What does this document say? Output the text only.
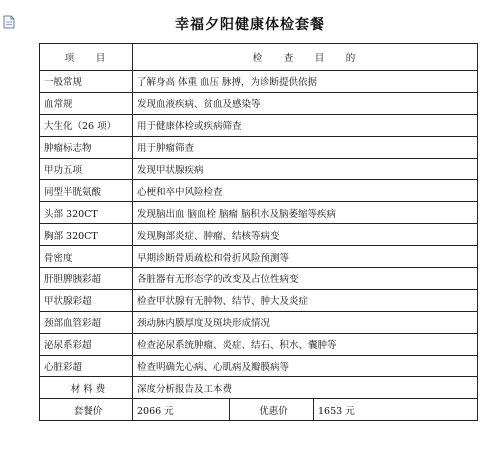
幸福夕阳健康体检套餐
项　目	检　查　目　的		
一般常规	了解身高 体重 血压 脉搏，为诊断提供依据		
血常规	发现血液疾病、贫血及感染等		
大生化（26 项）	用于健康体检或疾病筛查		
肿瘤标志物	用于肿瘤筛查		
甲功五项	发现甲状腺疾病		
同型半胱氨酸	心梗和卒中风险检查		
头部 320CT	发现脑出血 脑血栓 脑瘤 脑积水及脑萎缩等疾病		
胸部 320CT	发现胸部炎症、肿瘤、结核等病变		
骨密度	早期诊断骨质疏松和骨折风险预测等		
肝胆脾胰彩超	各脏器有无形态学的改变及占位性病变		
甲状腺彩超	检查甲状腺有无肿物、结节、肿大及炎症		
颈部血管彩超	颈动脉内膜厚度及斑块形成情况		
泌尿系彩超	检查泌尿系统肿瘤、炎症、结石、积水、囊肿等		
心脏彩超	检查明确先心病、心肌病及瓣膜病等		
材 料 费	深度分析报告及工本费		
套餐价	2066 元	优惠价	1653 元
